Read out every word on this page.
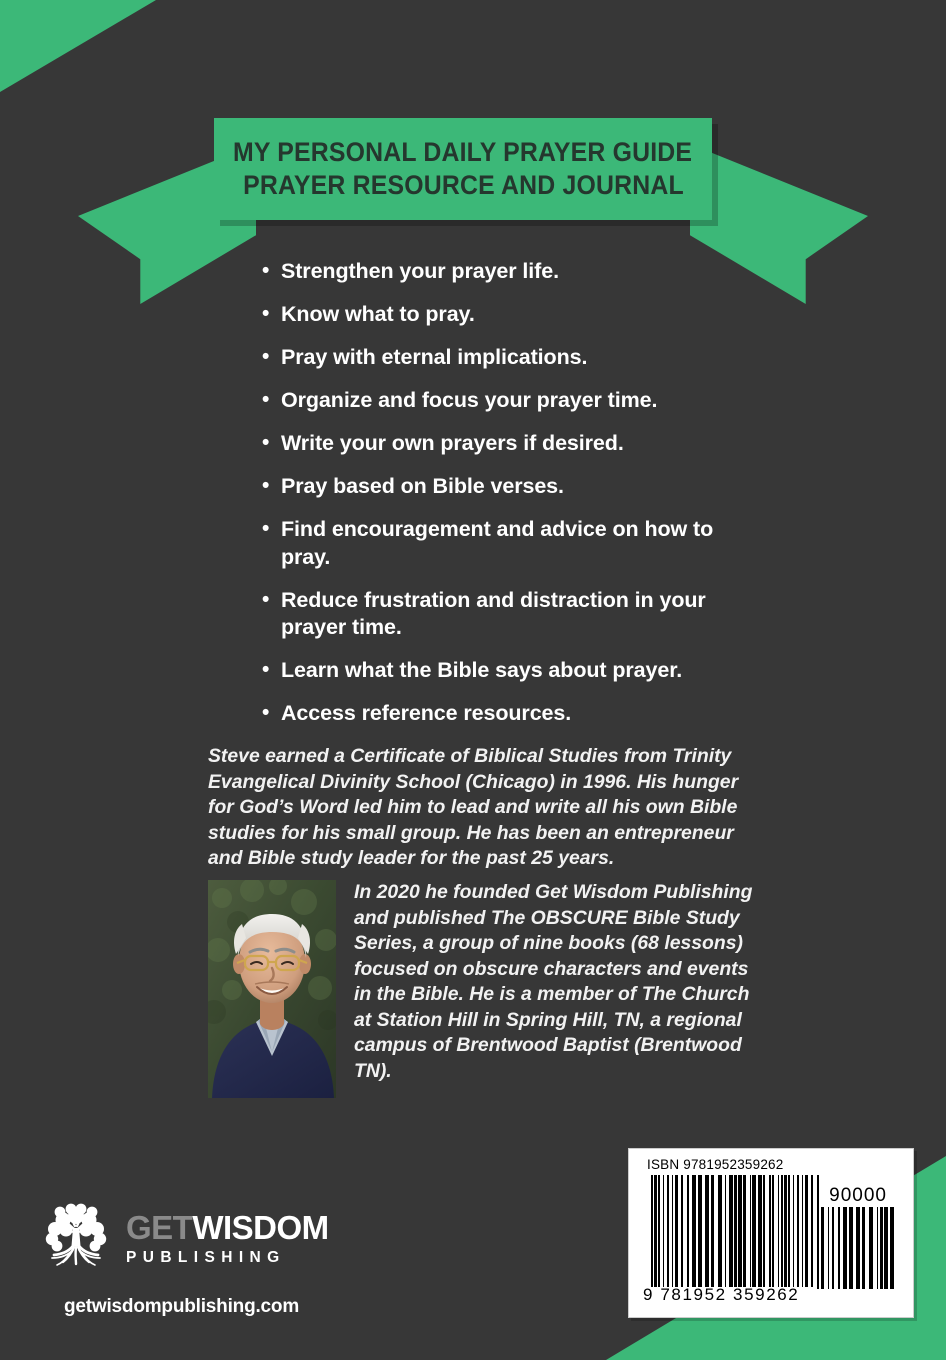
MY PERSONAL DAILY PRAYER GUIDE
PRAYER RESOURCE AND JOURNAL
• Strengthen your prayer life.
• Know what to pray.
• Pray with eternal implications.
• Organize and focus your prayer time.
• Write your own prayers if desired.
• Pray based on Bible verses.
• Find encouragement and advice on how to pray.
• Reduce frustration and distraction in your prayer time.
• Learn what the Bible says about prayer.
• Access reference resources.
Steve earned a Certificate of Biblical Studies from Trinity Evangelical Divinity School (Chicago) in 1996. His hunger for God’s Word led him to lead and write all his own Bible studies for his small group. He has been an entrepreneur and Bible study leader for the past 25 years.
In 2020 he founded Get Wisdom Publishing and published The OBSCURE Bible Study Series, a group of nine books (68 lessons) focused on obscure characters and events in the Bible. He is a member of The Church at Station Hill in Spring Hill, TN, a regional campus of Brentwood Baptist (Brentwood TN).
ISBN 9781952359262
9 781952 359262
90000
GETWISDOM
PUBLISHING
getwisdompublishing.com
